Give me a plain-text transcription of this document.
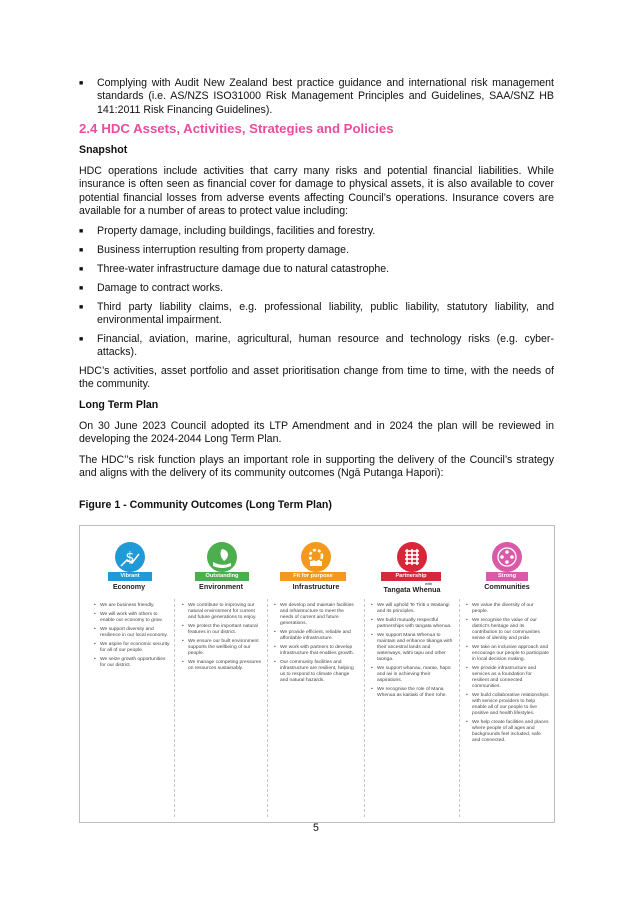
■ Complying with Audit New Zealand best practice guidance and international risk management standards (i.e. AS/NZS ISO31000 Risk Management Principles and Guidelines, SAA/SNZ HB 141:2011 Risk Financing Guidelines).
2.4 HDC Assets, Activities, Strategies and Policies
Snapshot
HDC operations include activities that carry many risks and potential financial liabilities. While insurance is often seen as financial cover for damage to physical assets, it is also available to cover potential financial losses from adverse events affecting Council’s operations. Insurance covers are available for a number of areas to protect value including:
■ Property damage, including buildings, facilities and forestry.
■ Business interruption resulting from property damage.
■ Three-water infrastructure damage due to natural catastrophe.
■ Damage to contract works.
■ Third party liability claims, e.g. professional liability, public liability, statutory liability, and environmental impairment.
■ Financial, aviation, marine, agricultural, human resource and technology risks (e.g. cyber-attacks).
HDC’s activities, asset portfolio and asset prioritisation change from time to time, with the needs of the community.
Long Term Plan
On 30 June 2023 Council adopted its LTP Amendment and in 2024 the plan will be reviewed in developing the 2024-2044 Long Term Plan.
The HDC’’s risk function plays an important role in supporting the delivery of the Council’s strategy and aligns with the delivery of its community outcomes (Ngā Putanga Hapori):
Figure 1 - Community Outcomes (Long Term Plan)
$
Vibrant
Economy
• We are business friendly.
• We will work with others to enable our economy to grow.
• We support diversity and resilience in our local economy.
• We aspire for economic security for all of our people.
• We seize growth opportunities for our district.
Outstanding
Environment
• We contribute to improving our natural environment for current and future generations to enjoy.
• We protect the important natural features in our district.
• We ensure our built environment supports the wellbeing of our people.
• We manage competing pressures on resources sustainably.
Fit for purpose
Infrastructure
• We develop and maintain facilities and infrastructure to meet the needs of current and future generations.
• We provide efficient, reliable and affordable infrastructure.
• We work with partners to develop infrastructure that enables growth.
• Our community facilities and infrastructure are resilient, helping us to respond to climate change and natural hazards.
Partnership
with
Tangata Whenua
• We will uphold Te Tiriti o Waitangi and its principles.
• We build mutually respectful partnerships with tangata whenua.
• We support Mana Whenua to maintain and enhance tikanga with their ancestral lands and waterways, wāhi tapu and other taonga.
• We support whanau, marae, hapū and iwi in achieving their aspirations.
• We recognise the role of Mana Whenua as kaitiaki of their rohe.
Strong
Communities
• We value the diversity of our people.
• We recognise the value of our district’s heritage and its contribution to our communities sense of identity and pride.
• We take an inclusive approach and encourage our people to participate in local decision making.
• We provide infrastructure and services as a foundation for resilient and connected communities.
• We build collaborative relationships with service providers to help enable all of our people to live positive and health lifestyles.
• We help create facilities and places where people of all ages and backgrounds feel included, safe and connected.
5
